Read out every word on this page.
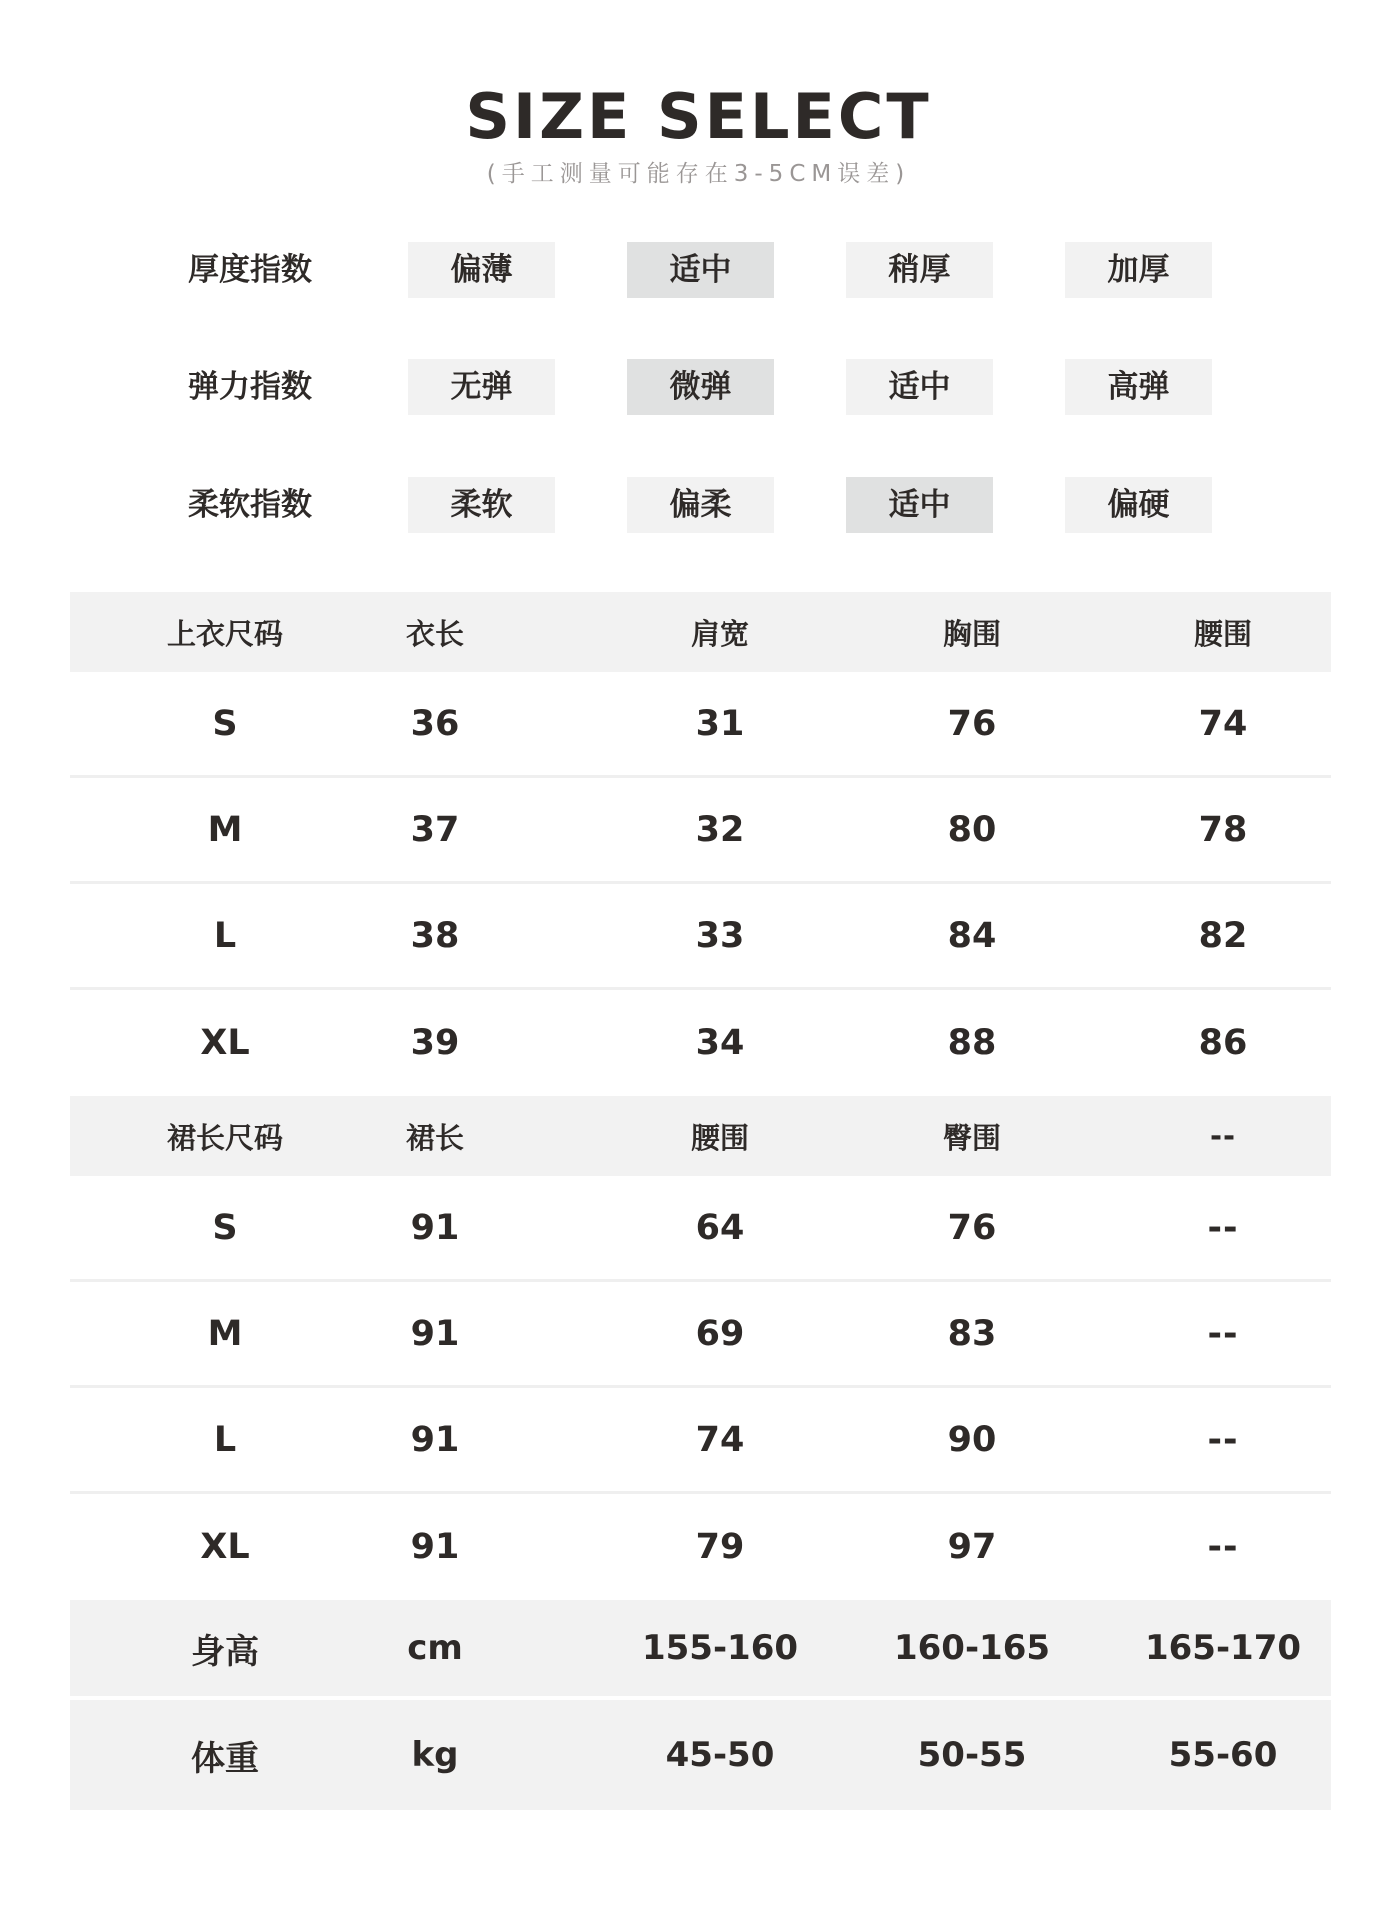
SIZE SELECT
(手工测量可能存在3-5CM误差)
厚度指数	偏薄	适中	稍厚	加厚
弹力指数	无弹	微弹	适中	高弹
柔软指数	柔软	偏柔	适中	偏硬
上衣尺码	衣长	肩宽	胸围	腰围
S	36	31	76	74
M	37	32	80	78
L	38	33	84	82
XL	39	34	88	86
裙长尺码	裙长	腰围	臀围	--
S	91	64	76	--
M	91	69	83	--
L	91	74	90	--
XL	91	79	97	--
身高	cm	155-160	160-165	165-170
体重	kg	45-50	50-55	55-60
